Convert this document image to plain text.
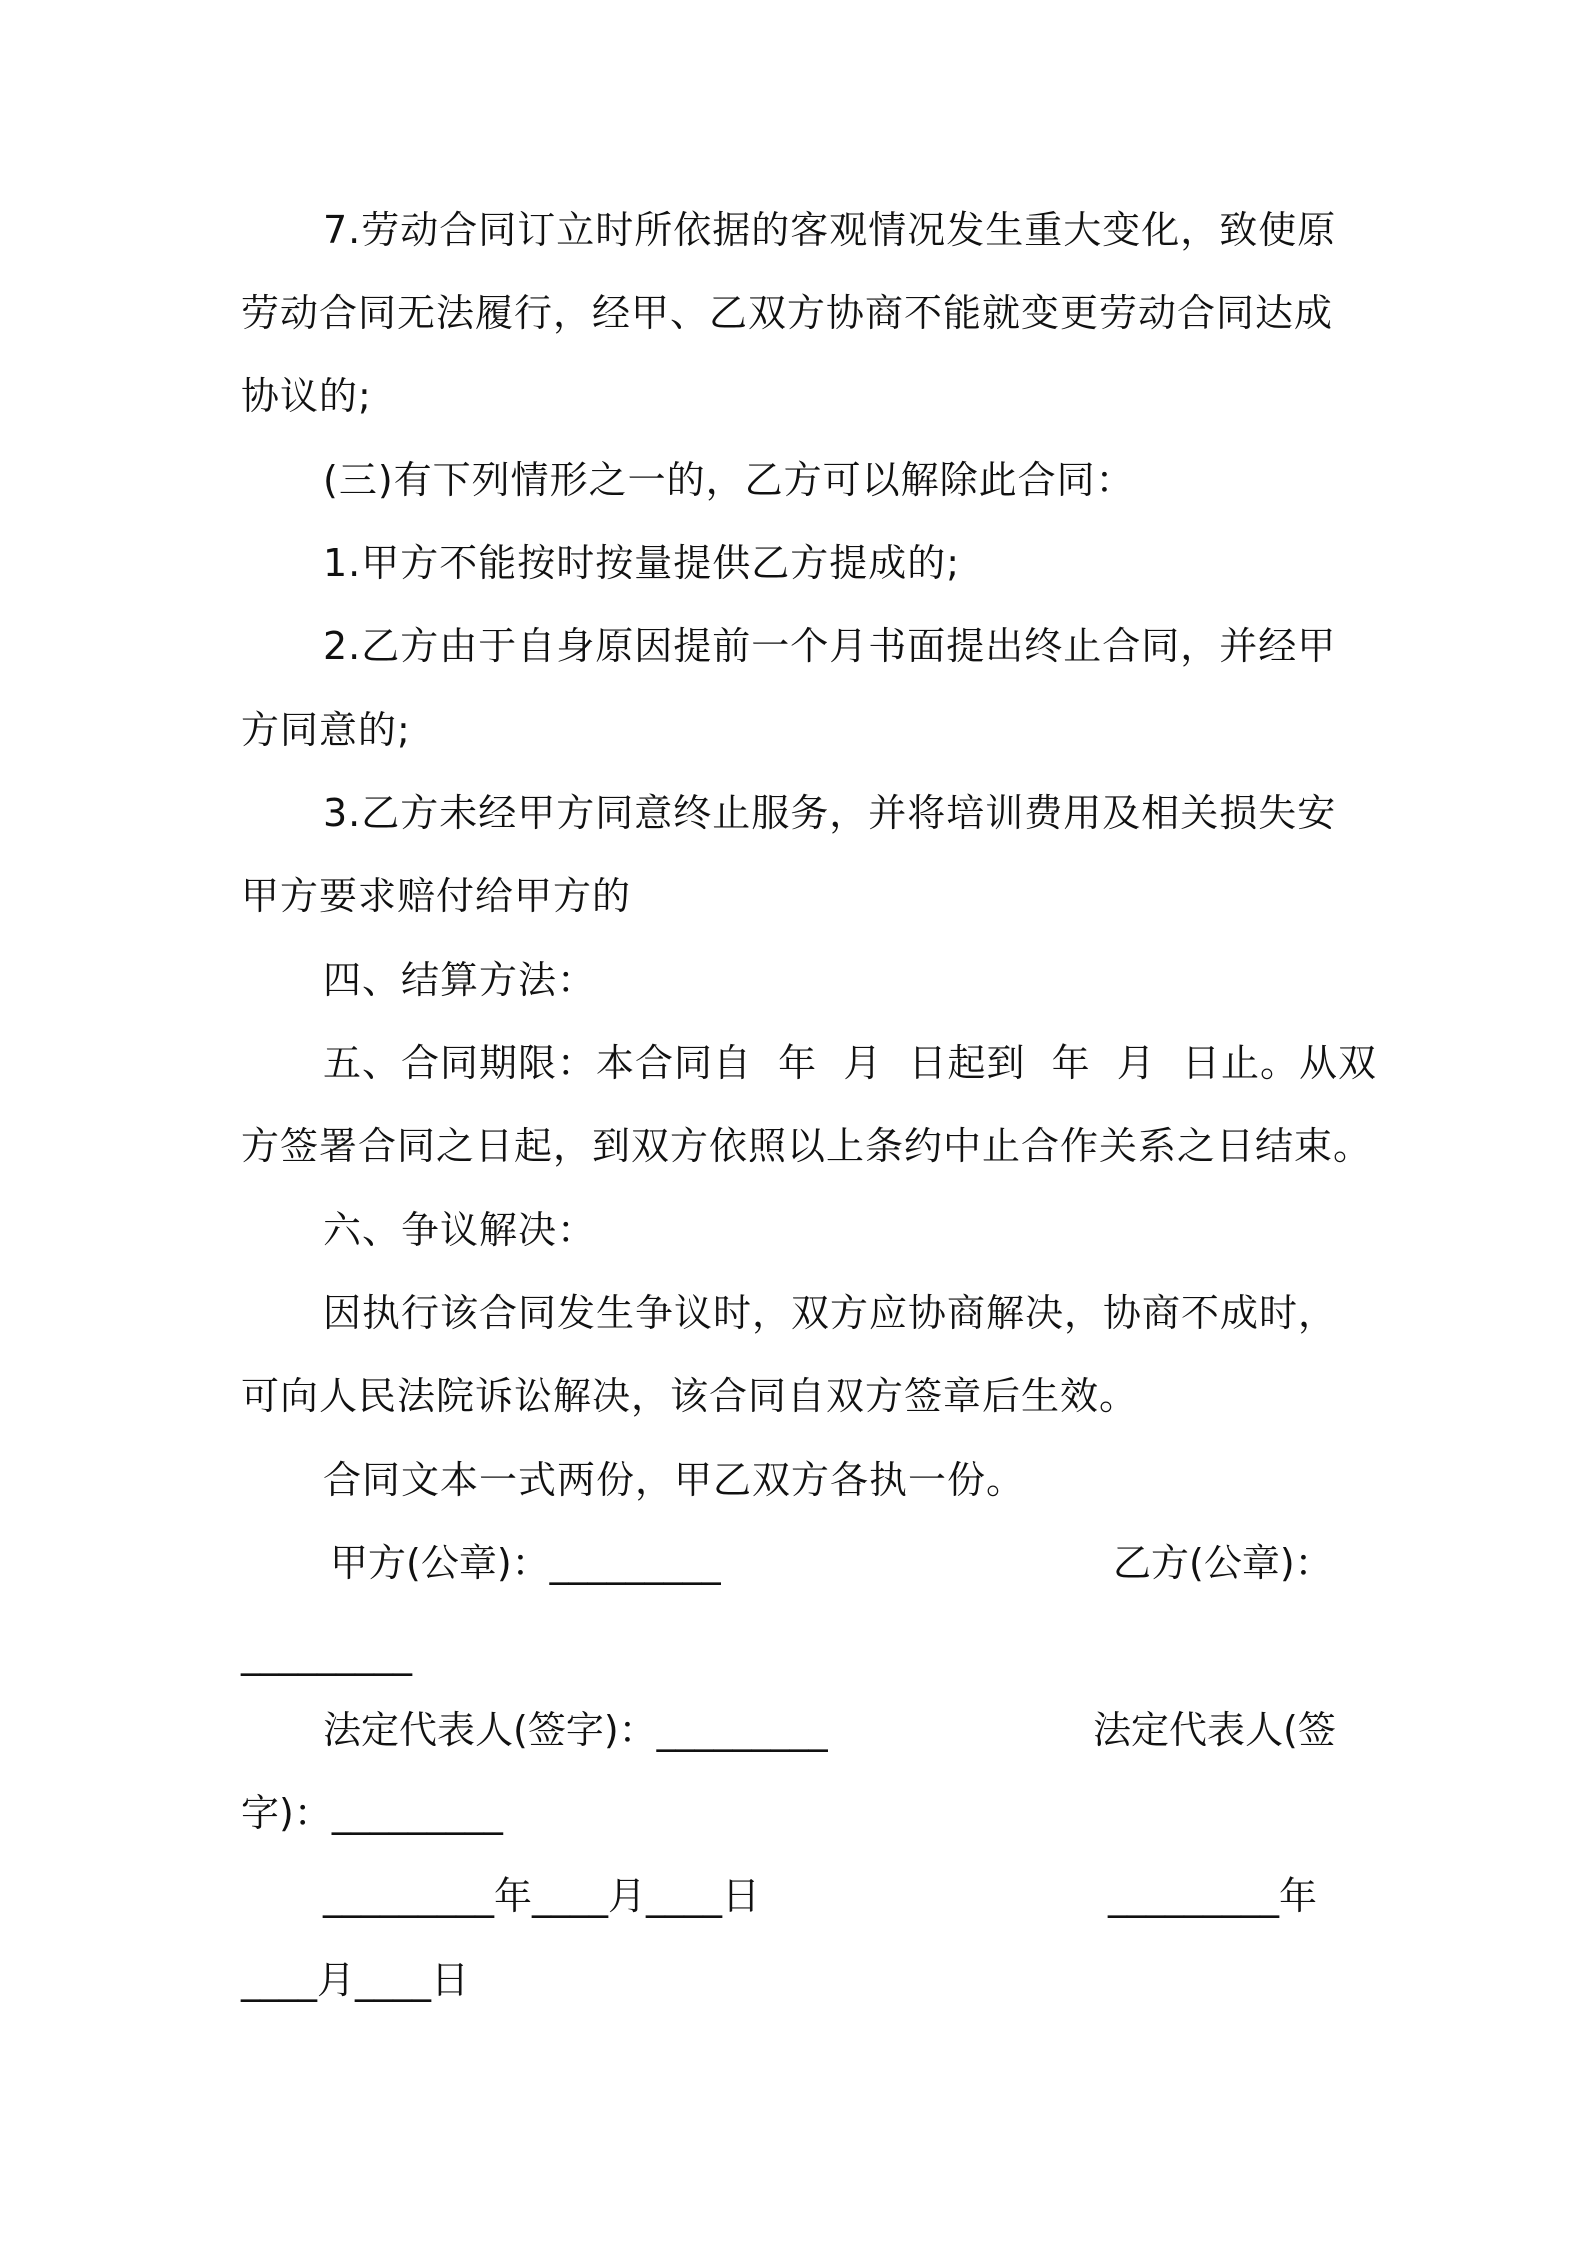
7.劳动合同订立时所依据的客观情况发生重大变化，致使原

劳动合同无法履行，经甲、乙双方协商不能就变更劳动合同达成

协议的;

(三)有下列情形之一的，乙方可以解除此合同：

1.甲方不能按时按量提供乙方提成的;

2.乙方由于自身原因提前一个月书面提出终止合同，并经甲

方同意的;

3.乙方未经甲方同意终止服务，并将培训费用及相关损失安

甲方要求赔付给甲方的

四、结算方法：

五、合同期限：本合同自  年  月  日起到  年  月  日止。从双

方签署合同之日起，到双方依照以上条约中止合作关系之日结束。

六、争议解决：

因执行该合同发生争议时，双方应协商解决，协商不成时，

可向人民法院诉讼解决，该合同自双方签章后生效。

合同文本一式两份，甲乙双方各执一份。

甲方(公章)：_________	乙方(公章)：
_________
法定代表人(签字)：_________	法定代表人(签
字)：_________
_________年____月____日	_________年
____月____日
